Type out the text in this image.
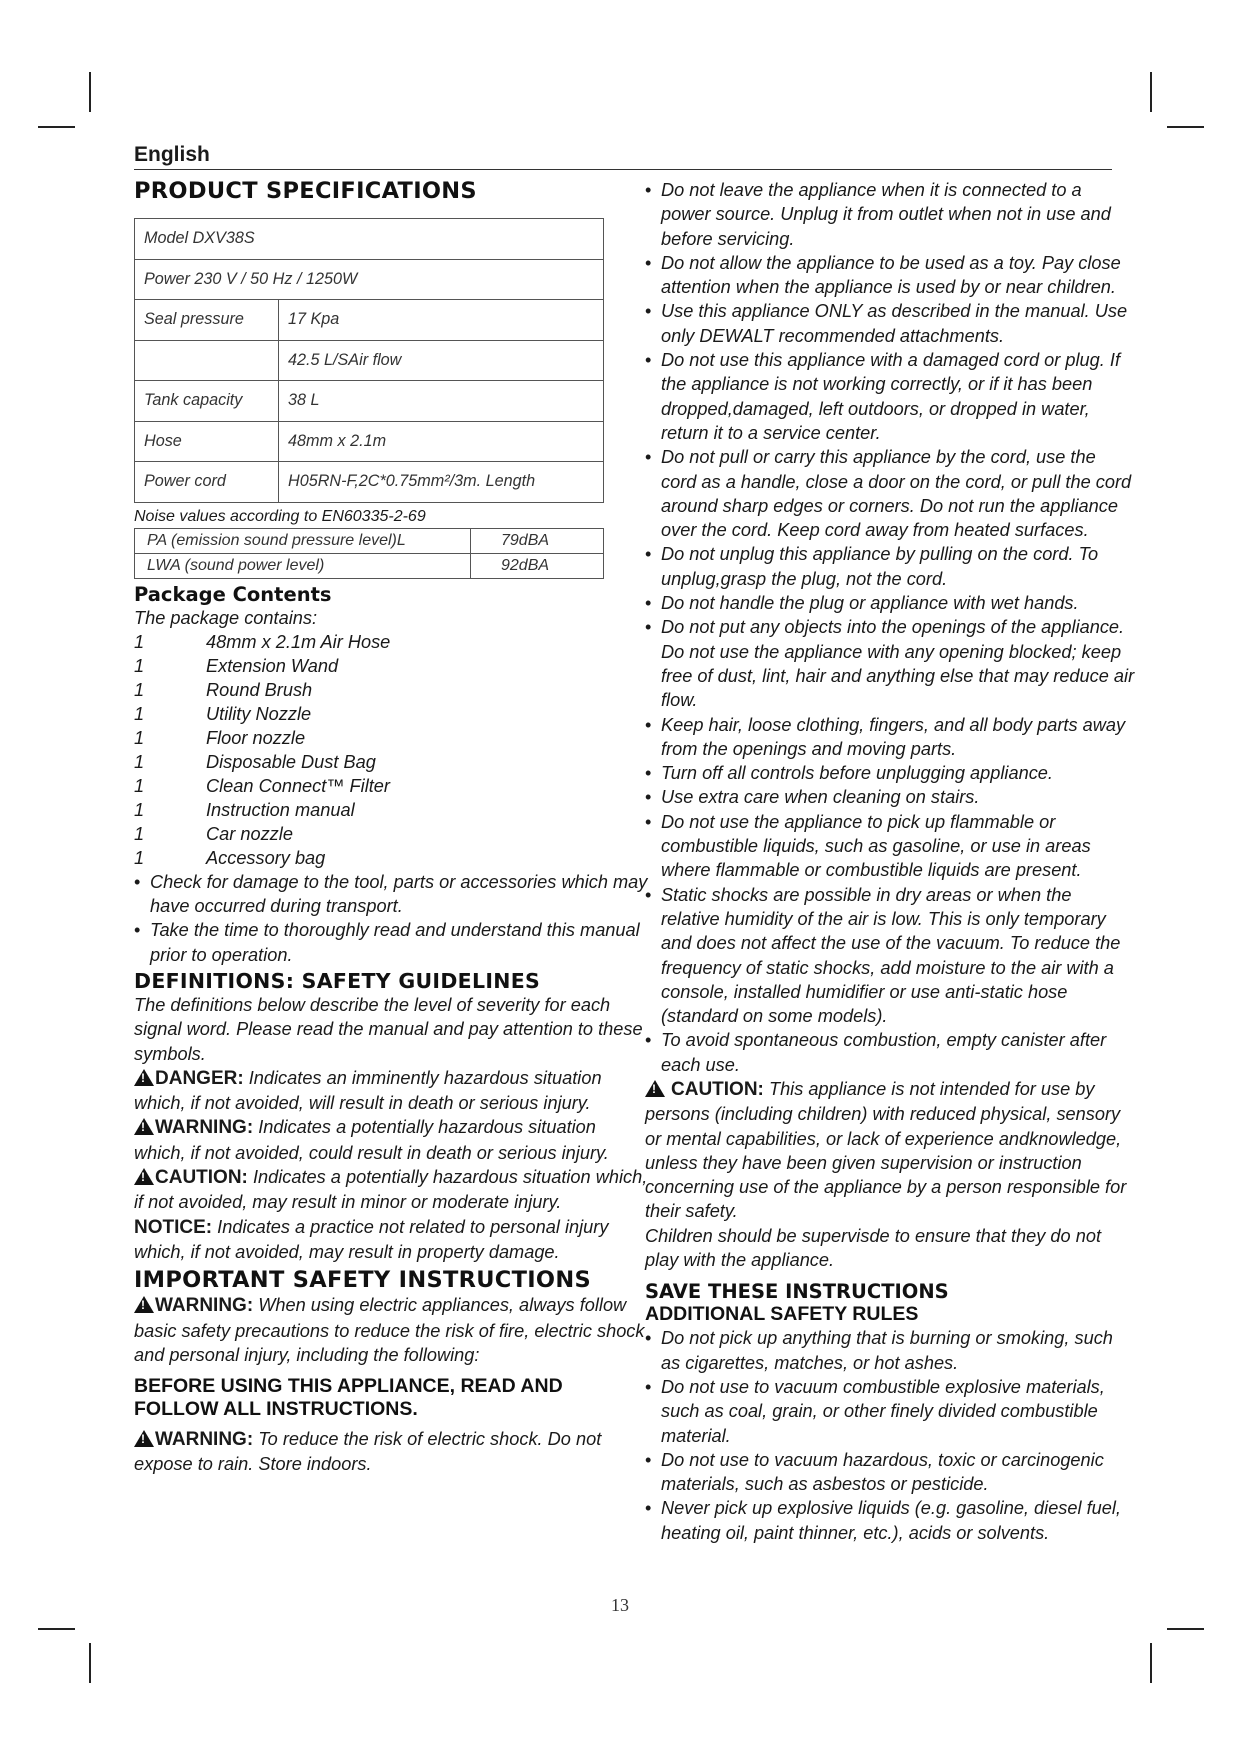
English
PRODUCT SPECIFICATIONS
Model DXV38S	
Power 230 V / 50 Hz / 1250W	
Seal pressure	17 Kpa
	42.5 L/SAir flow
Tank capacity	38 L
Hose	48mm x 2.1m
Power cord	H05RN-F,2C*0.75mm²/3m. Length
Noise values according to EN60335-2-69
PA (emission sound pressure level)L	79dBA
LWA (sound power level)	92dBA
Package Contents
The package contains:
1	48mm x 2.1m Air Hose
1	Extension Wand
1	Round Brush
1	Utility Nozzle
1	Floor nozzle
1	Disposable Dust Bag
1	Clean Connect™ Filter
1	Instruction manual
1	Car nozzle
1	Accessory bag
• Check for damage to the tool, parts or accessories which may have occurred during transport.
• Take the time to thoroughly read and understand this manual prior to operation.
DEFINITIONS: SAFETY GUIDELINES
The definitions below describe the level of severity for each signal word. Please read the manual and pay attention to these symbols.
!DANGER: Indicates an imminently hazardous situation which, if not avoided, will result in death or serious injury.
!WARNING: Indicates a potentially hazardous situation which, if not avoided, could result in death or serious injury.
!CAUTION: Indicates a potentially hazardous situation which, if not avoided, may result in minor or moderate injury.
NOTICE: Indicates a practice not related to personal injury which, if not avoided, may result in property damage.
IMPORTANT SAFETY INSTRUCTIONS
!WARNING: When using electric appliances, always follow basic safety precautions to reduce the risk of fire, electric shock and personal injury, including the following:
BEFORE USING THIS APPLIANCE, READ AND FOLLOW ALL INSTRUCTIONS.
!WARNING: To reduce the risk of electric shock. Do not expose to rain. Store indoors.
• Do not leave the appliance when it is connected to a power source. Unplug it from outlet when not in use and before servicing.
• Do not allow the appliance to be used as a toy. Pay close attention when the appliance is used by or near children.
• Use this appliance ONLY as described in the manual. Use only DEWALT recommended attachments.
• Do not use this appliance with a damaged cord or plug. If the appliance is not working correctly, or if it has been dropped,damaged, left outdoors, or dropped in water, return it to a service center.
• Do not pull or carry this appliance by the cord, use the cord as a handle, close a door on the cord, or pull the cord around sharp edges or corners. Do not run the appliance over the cord. Keep cord away from heated surfaces.
• Do not unplug this appliance by pulling on the cord. To unplug,grasp the plug, not the cord.
• Do not handle the plug or appliance with wet hands.
• Do not put any objects into the openings of the appliance. Do not use the appliance with any opening blocked; keep free of dust, lint, hair and anything else that may reduce air flow.
• Keep hair, loose clothing, fingers, and all body parts away from the openings and moving parts.
• Turn off all controls before unplugging appliance.
• Use extra care when cleaning on stairs.
• Do not use the appliance to pick up flammable or combustible liquids, such as gasoline, or use in areas where flammable or combustible liquids are present.
• Static shocks are possible in dry areas or when the relative humidity of the air is low. This is only temporary and does not affect the use of the vacuum. To reduce the frequency of static shocks, add moisture to the air with a console, installed humidifier or use anti-static hose (standard on some models).
• To avoid spontaneous combustion, empty canister after each use.
!CAUTION: This appliance is not intended for use by persons (including children) with reduced physical, sensory or mental capabilities, or lack of experience andknowledge, unless they have been given supervision or instruction concerning use of the appliance by a person responsible for their safety.
Children should be supervisde to ensure that they do not play with the appliance.
SAVE THESE INSTRUCTIONS
ADDITIONAL SAFETY RULES
• Do not pick up anything that is burning or smoking, such as cigarettes, matches, or hot ashes.
• Do not use to vacuum combustible explosive materials, such as coal, grain, or other finely divided combustible material.
• Do not use to vacuum hazardous, toxic or carcinogenic materials, such as asbestos or pesticide.
• Never pick up explosive liquids (e.g. gasoline, diesel fuel, heating oil, paint thinner, etc.), acids or solvents.
13
